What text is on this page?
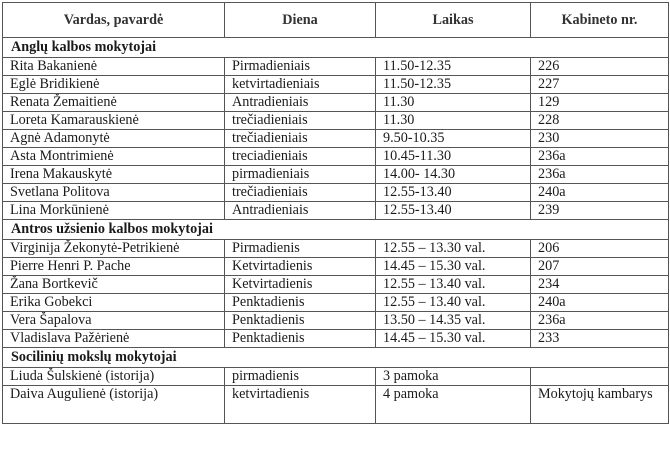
Vardas, pavardė	Diena	Laikas	Kabineto nr.
Anglų kalbos mokytojai			
Rita Bakanienė	Pirmadieniais	11.50-12.35	226
Eglė Bridikienė	ketvirtadieniais	11.50-12.35	227
Renata Žemaitienė	Antradieniais	11.30	129
Loreta Kamarauskienė	trečiadieniais	11.30	228
Agnė Adamonytė	trečiadieniais	9.50-10.35	230
Asta Montrimienė	treciadieniais	10.45-11.30	236a
Irena Makauskytė	pirmadieniais	14.00- 14.30	236a
Svetlana Politova	trečiadieniais	12.55-13.40	240a
Lina Morkūnienė	Antradieniais	12.55-13.40	239
Antros užsienio kalbos mokytojai			
Virginija Žekonytė-Petrikienė	Pirmadienis	12.55 – 13.30 val.	206
Pierre Henri P. Pache	Ketvirtadienis	14.45 – 15.30 val.	207
Žana Bortkevič	Ketvirtadienis	12.55 – 13.40 val.	234
Erika Gobekci	Penktadienis	12.55 – 13.40 val.	240a
Vera Šapalova	Penktadienis	13.50 – 14.35 val.	236a
Vladislava Pažėrienė	Penktadienis	14.45 – 15.30 val.	233
Socilinių mokslų mokytojai			
Liuda Šulskienė (istorija)	pirmadienis	3 pamoka	
Daiva Augulienė (istorija)	ketvirtadienis	4 pamoka	Mokytojų kambarys
